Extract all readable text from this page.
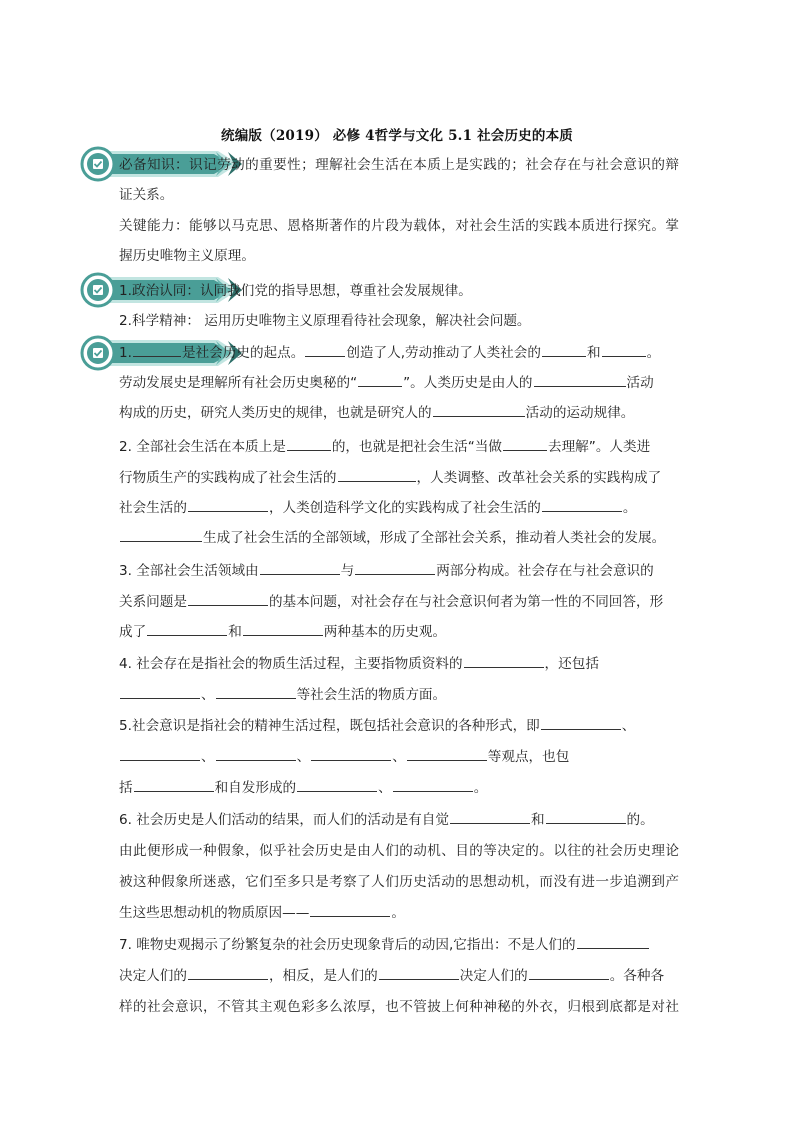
统编版（2019） 必修 4哲学与文化 5.1 社会历史的本质
必备知识：识记劳动的重要性；理解社会生活在本质上是实践的；社会存在与社会意识的辩
证关系。
关键能力：能够以马克思、恩格斯著作的片段为载体，对社会生活的实践本质进行探究。掌
握历史唯物主义原理。
1.政治认同：认同我们党的指导思想，尊重社会发展规律。
2.科学精神： 运用历史唯物主义原理看待社会现象，解决社会问题。
1.	是社会历史的起点。	创造了人,劳动推动了人类社会的	和	。
劳动发展史是理解所有社会历史奥秘的“	”。人类历史是由人的	活动
构成的历史，研究人类历史的规律，也就是研究人的	活动的运动规律。
2. 全部社会生活在本质上是	的，也就是把社会生活“当做	去理解”。人类进
行物质生产的实践构成了社会生活的	，人类调整、改革社会关系的实践构成了
社会生活的	，人类创造科学文化的实践构成了社会生活的	。
生成了社会生活的全部领域，形成了全部社会关系，推动着人类社会的发展。
3. 全部社会生活领域由	与	两部分构成。社会存在与社会意识的
关系问题是	的基本问题，对社会存在与社会意识何者为第一性的不同回答，形
成了	和	两种基本的历史观。
4. 社会存在是指社会的物质生活过程，主要指物质资料的	，还包括
、	等社会生活的物质方面。
5.社会意识是指社会的精神生活过程，既包括社会意识的各种形式，即	、
、	、	、	等观点，也包
括	和自发形成的	、	。
6. 社会历史是人们活动的结果，而人们的活动是有自觉	和	的。
由此便形成一种假象，似乎社会历史是由人们的动机、目的等决定的。以往的社会历史理论
被这种假象所迷惑，它们至多只是考察了人们历史活动的思想动机，而没有进一步追溯到产
生这些思想动机的物质原因——	。
7. 唯物史观揭示了纷繁复杂的社会历史现象背后的动因,它指出：不是人们的
决定人们的	，相反，是人们的	决定人们的	。各种各
样的社会意识，不管其主观色彩多么浓厚，也不管披上何种神秘的外衣，归根到底都是对社
